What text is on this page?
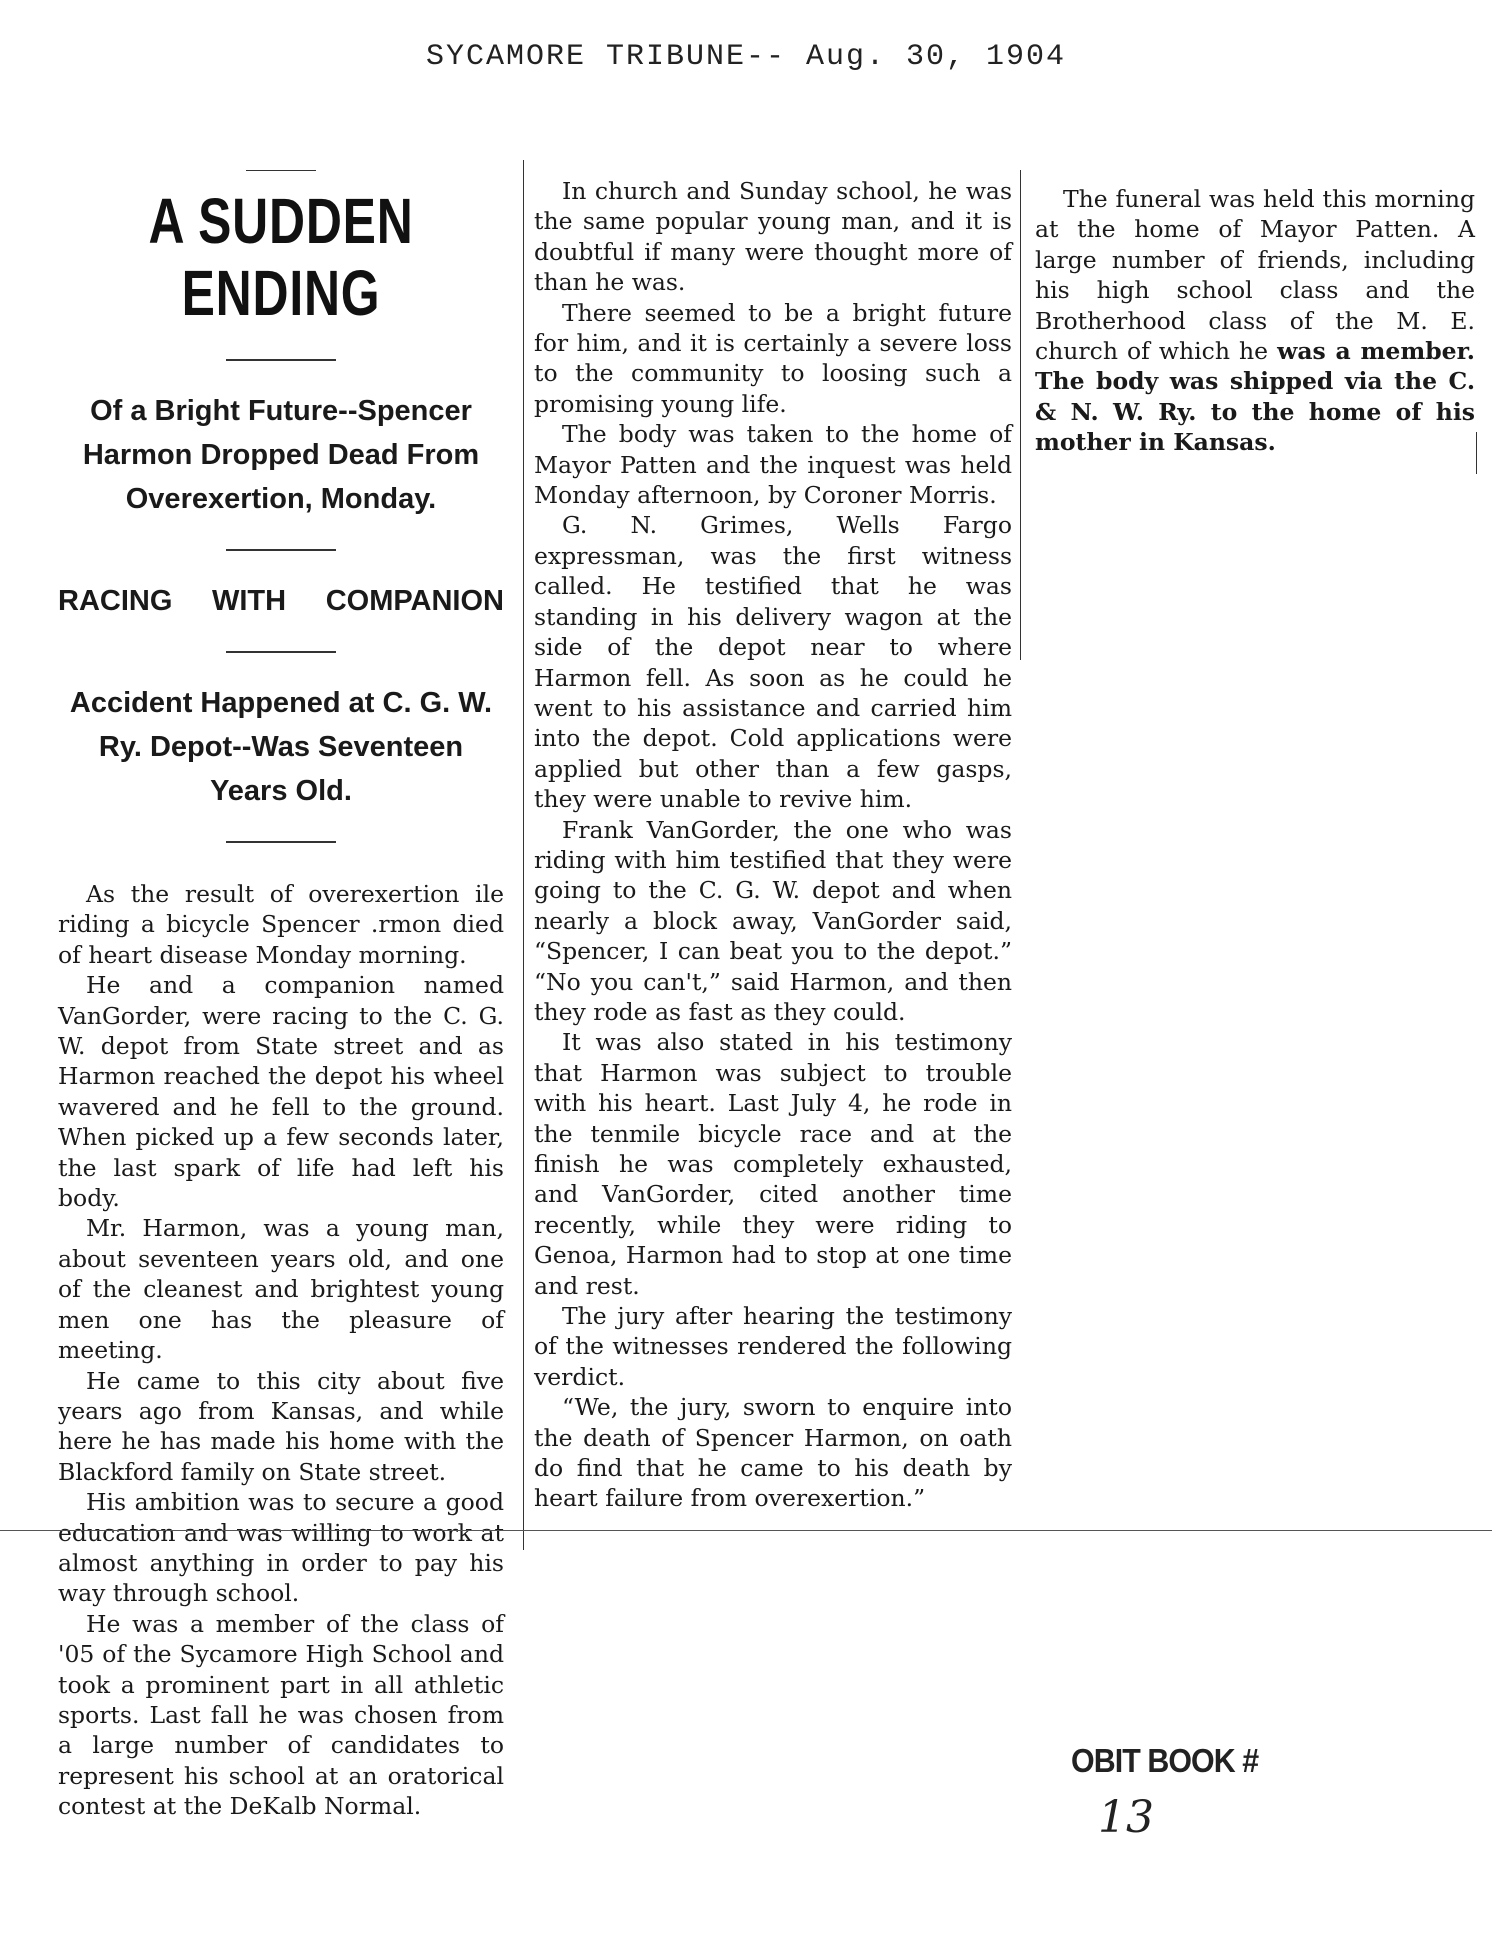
SYCAMORE TRIBUNE-- Aug. 30, 1904
A SUDDEN ENDING
Of a Bright Future--Spencer Harmon Dropped Dead From Overexertion, Monday.
RACING WITH COMPANION
Accident Happened at C. G. W. Ry. Depot--Was Seventeen Years Old.

As the result of overexertion ile riding a bicycle Spencer .rmon died of heart disease Monday morning.

He and a companion named VanGorder, were racing to the C. G. W. depot from State street and as Harmon reached the depot his wheel wavered and he fell to the ground. When picked up a few seconds later, the last spark of life had left his body.

Mr. Harmon, was a young man, about seventeen years old, and one of the cleanest and brightest young men one has the pleasure of meeting.

He came to this city about five years ago from Kansas, and while here he has made his home with the Blackford family on State street.

His ambition was to secure a good education and was willing to work at almost anything in order to pay his way through school.

He was a member of the class of '05 of the Sycamore High School and took a prominent part in all athletic sports. Last fall he was chosen from a large number of candidates to represent his school at an oratorical contest at the DeKalb Normal.

In church and Sunday school, he was the same popular young man, and it is doubtful if many were thought more of than he was.

There seemed to be a bright future for him, and it is certainly a severe loss to the community to loosing such a promising young life.

The body was taken to the home of Mayor Patten and the inquest was held Monday afternoon, by Coroner Morris.

G. N. Grimes, Wells Fargo expressman, was the first witness called. He testified that he was standing in his delivery wagon at the side of the depot near to where Harmon fell. As soon as he could he went to his assistance and carried him into the depot. Cold applications were applied but other than a few gasps, they were unable to revive him.

Frank VanGorder, the one who was riding with him testified that they were going to the C. G. W. depot and when nearly a block away, VanGorder said, “Spencer, I can beat you to the depot.” “No you can't,” said Harmon, and then they rode as fast as they could.

It was also stated in his testimony that Harmon was subject to trouble with his heart. Last July 4, he rode in the tenmile bicycle race and at the finish he was completely exhausted, and VanGorder, cited another time recently, while they were riding to Genoa, Harmon had to stop at one time and rest.

The jury after hearing the testimony of the witnesses rendered the following verdict.

“We, the jury, sworn to enquire into the death of Spencer Harmon, on oath do find that he came to his death by heart failure from overexertion.”

The funeral was held this morning at the home of Mayor Patten. A large number of friends, including his high school class and the Brotherhood class of the M. E. church of which he was a member. The body was shipped via the C. & N. W. Ry. to the home of his mother in Kansas.

OBIT BOOK #
13
